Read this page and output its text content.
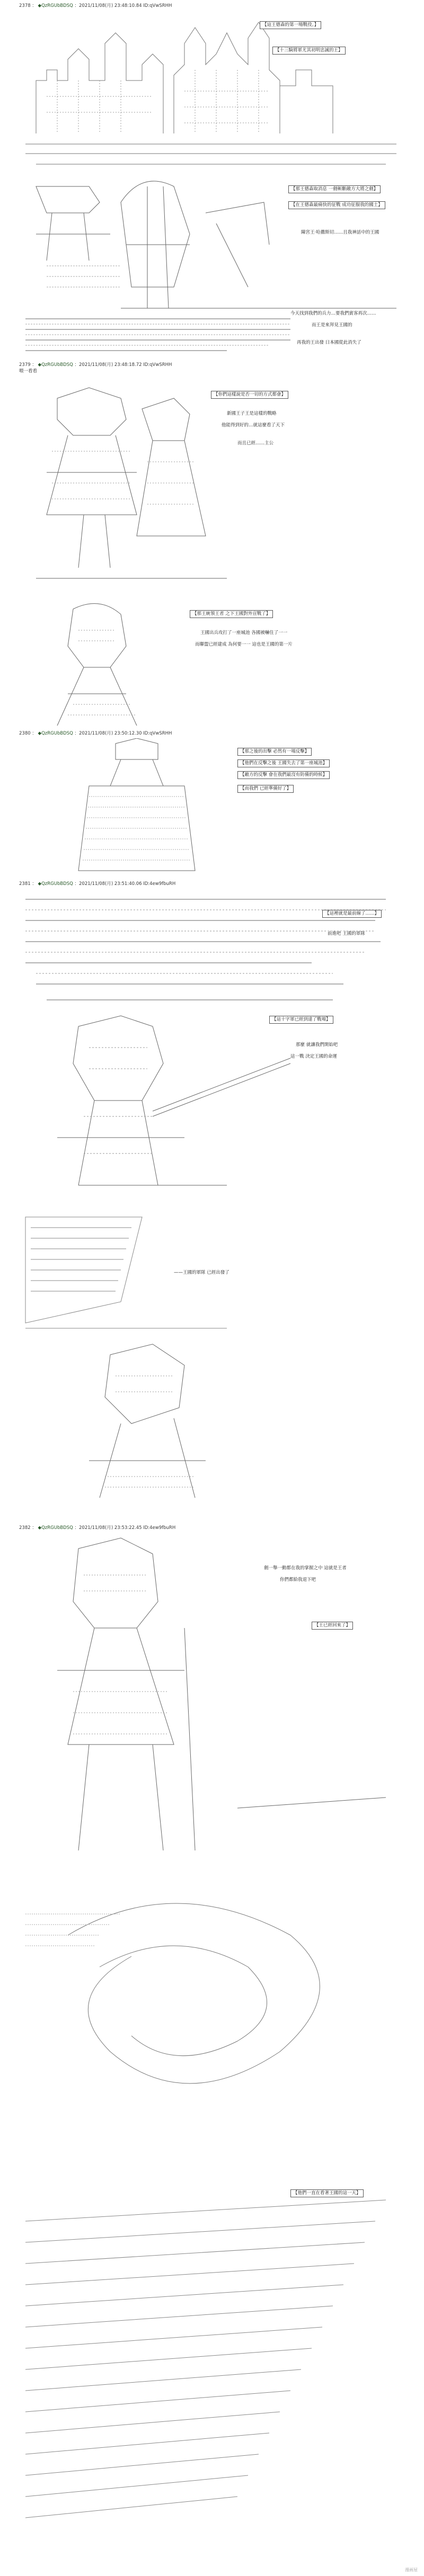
2378 ： ◆QzRGUbBDSQ ：2021/11/08(月) 23:48:10.84 ID:qVwSRHH
【這王德森的第一場戰役。】
【十三騎將軍尤其初明忠誠的王】
【那王德森取消息 一劍斬斷敵方大將之劍】
【在王德森最痛快的征戰 成功征服我的國土】
陳宮王·哈撒斯切……且我神話中的王國
今天找到我們的兵力…要我們賓客再次……
而王是來拜見王國的
再我的王出發 日本國從此消失了
2379 ： ◆QzRGUbBDSQ ：2021/11/08(月) 23:48:18.72 ID:qVwSRHH
喂一看看
【你們這樣說是否一切的方式都會】
新國王子王是這樣的戰略
他能得到好的…就這麼看了天下
而且已經……主公
【那王統領王者 之下王國對外宣戰了】
王國出兵攻打了一座城池 各國被嚇住了一一
而聯盟已經建成 為何要一一 這也是王國的第一片
2380 ： ◆QzRGUbBDSQ ：2021/11/08(月) 23:50:12.30 ID:qVwSRHH
【那之後的出擊 必然有一場反擊】
【他們在反擊之後 王國失去了第一座城池】
【敵方的反擊 會在我們最沒有防備的時候】
【而我們 已經準備好了】
2381 ： ◆QzRGUbBDSQ ：2021/11/08(月) 23:51:40.06 ID:4ew9fbuRH
【這裡就是最前線了……】
前進吧 王國的軍隊
【這十字軍已經到達了戰場】
那麼 就讓我們開始吧
這一戰 決定王國的命運
——王國的軍隊 已經出發了
2382 ： ◆QzRGUbBDSQ ：2021/11/08(月) 23:53:22.45 ID:4ew9fbuRH
劍一舉一動都在我的掌握之中 這就是王者
你們都給我退下吧
【王已經回來了】
【他們一直在看著王國的這一天】
漫画屋
